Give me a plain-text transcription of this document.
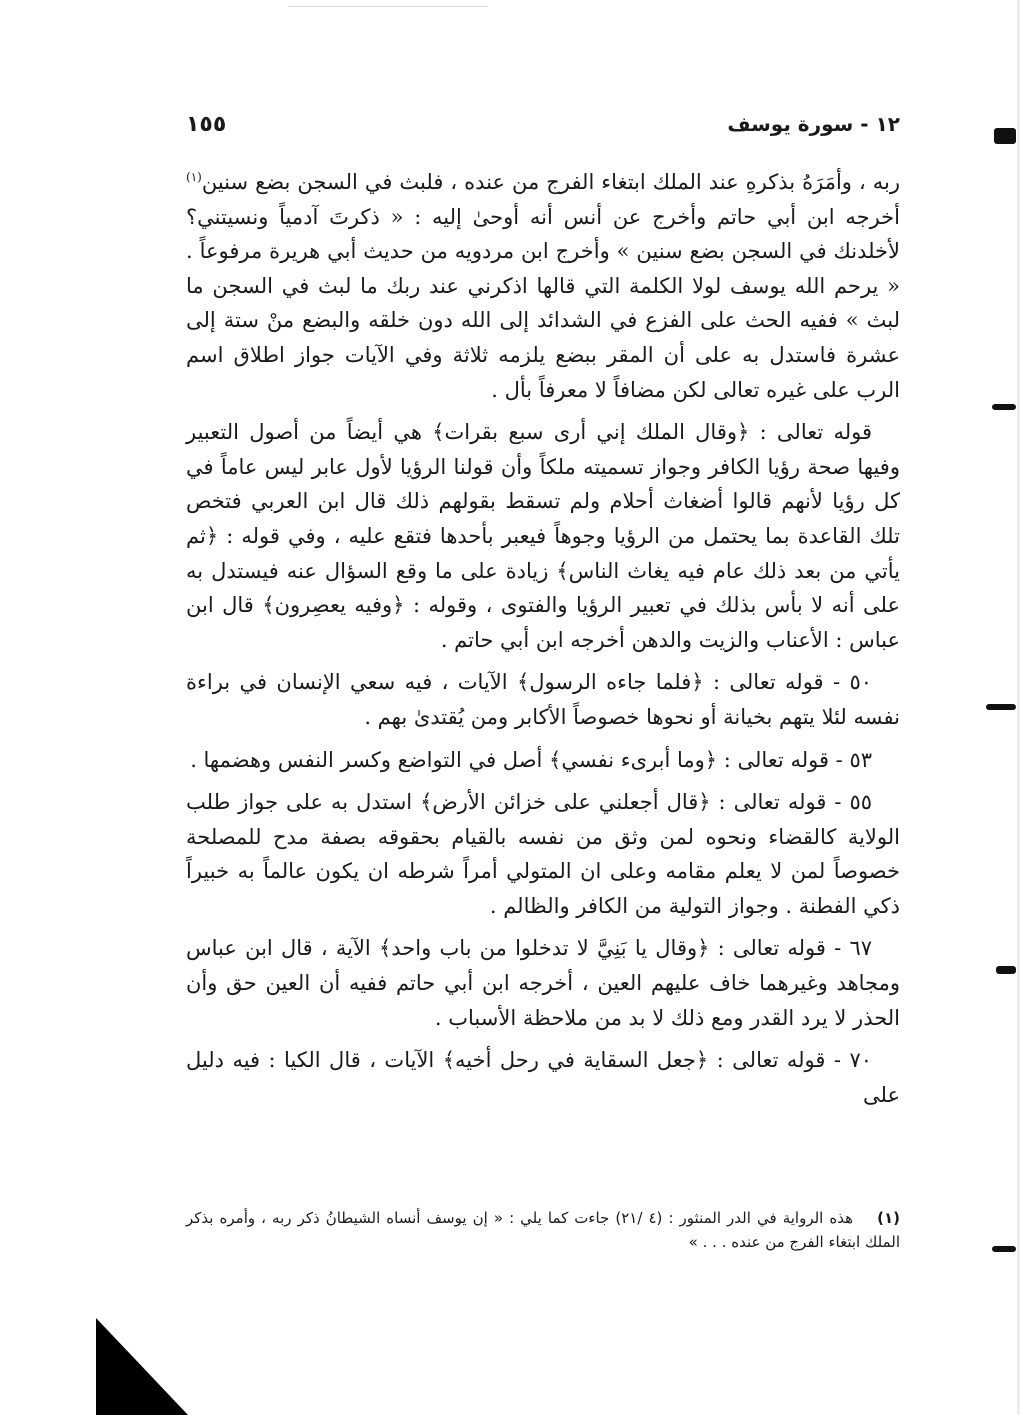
١٢ - سورة يوسف
١٥٥

ربه ، وأمَرَهُ بذكرهِ عند الملك ابتغاء الفرج من عنده ، فلبث في السجن بضع سنين$^{(١)}$ أخرجه ابن أبي حاتم وأخرج عن أنس أنه أوحىٰ إليه : « ذكرتَ آدمياً ونسيتني؟ لأخلدنك في السجن بضع سنين » وأخرج ابن مردويه من حديث أبي هريرة مرفوعاً . « يرحم الله يوسف لولا الكلمة التي قالها اذكرني عند ربك ما لبث في السجن ما لبث » ففيه الحث على الفزع في الشدائد إلى الله دون خلقه والبضع منْ ستة إلى عشرة فاستدل به على أن المقر ببضع يلزمه ثلاثة وفي الآيات جواز اطلاق اسم الرب على غيره تعالى لكن مضافاً لا معرفاً بأل .

قوله تعالى : ﴿وقال الملك إني أرى سبع بقرات﴾ هي أيضاً من أصول التعبير وفيها صحة رؤيا الكافر وجواز تسميته ملكاً وأن قولنا الرؤيا لأول عابر ليس عاماً في كل رؤيا لأنهم قالوا أضغاث أحلام ولم تسقط بقولهم ذلك قال ابن العربي فتخص تلك القاعدة بما يحتمل من الرؤيا وجوهاً فيعبر بأحدها فتقع عليه ، وفي قوله : ﴿ثم يأتي من بعد ذلك عام فيه يغاث الناس﴾ زيادة على ما وقع السؤال عنه فيستدل به على أنه لا بأس بذلك في تعبير الرؤيا والفتوى ، وقوله : ﴿وفيه يعصِرون﴾ قال ابن عباس : الأعناب والزيت والدهن أخرجه ابن أبي حاتم .

٥٠ - قوله تعالى : ﴿فلما جاءه الرسول﴾ الآيات ، فيه سعي الإنسان في براءة نفسه لئلا يتهم بخيانة أو نحوها خصوصاً الأكابر ومن يُقتدىٰ بهم .

٥٣ - قوله تعالى : ﴿وما أبرىء نفسي﴾ أصل في التواضع وكسر النفس وهضمها .

٥٥ - قوله تعالى : ﴿قال أجعلني على خزائن الأرض﴾ استدل به على جواز طلب الولاية كالقضاء ونحوه لمن وثق من نفسه بالقيام بحقوقه بصفة مدح للمصلحة خصوصاً لمن لا يعلم مقامه وعلى ان المتولي أمراً شرطه ان يكون عالماً به خبيراً ذكي الفطنة . وجواز التولية من الكافر والظالم .

٦٧ - قوله تعالى : ﴿وقال يا بَنِيَّ لا تدخلوا من باب واحد﴾ الآية ، قال ابن عباس ومجاهد وغيرهما خاف عليهم العين ، أخرجه ابن أبي حاتم ففيه أن العين حق وأن الحذر لا يرد القدر ومع ذلك لا بد من ملاحظة الأسباب .

٧٠ - قوله تعالى : ﴿جعل السقاية في رحل أخيه﴾ الآيات ، قال الكيا : فيه دليل على

(١) هذه الرواية في الدر المنثور : (٤ /٢١) جاءت كما يلي : « إن يوسف أنساه الشيطانُ ذكر ربه ، وأمره بذكر الملك ابتغاء الفرج من عنده . . . »
